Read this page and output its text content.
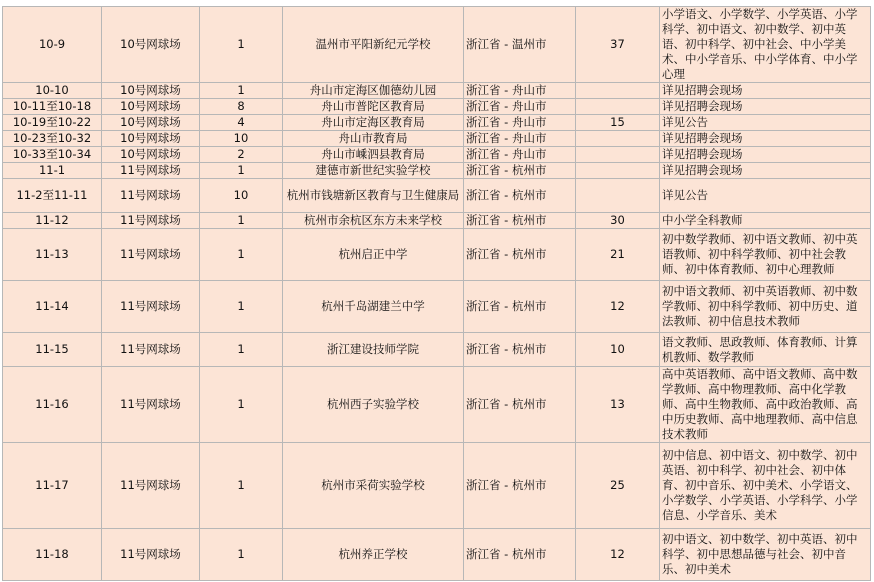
10-9	10号网球场	1	温州市平阳新纪元学校	浙江省 - 温州市	37	小学语文、小学数学、小学英语、小学科学、初中语文、初中数学、初中英语、初中科学、初中社会、中小学美术、中小学音乐、中小学体育、中小学心理
10-10	10号网球场	1	舟山市定海区伽德幼儿园	浙江省 - 舟山市		详见招聘会现场
10-11至10-18	10号网球场	8	舟山市普陀区教育局	浙江省 - 舟山市		详见招聘会现场
10-19至10-22	10号网球场	4	舟山市定海区教育局	浙江省 - 舟山市	15	详见公告
10-23至10-32	10号网球场	10	舟山市教育局	浙江省 - 舟山市		详见招聘会现场
10-33至10-34	10号网球场	2	舟山市嵊泗县教育局	浙江省 - 舟山市		详见招聘会现场
11-1	11号网球场	1	建德市新世纪实验学校	浙江省 - 杭州市		详见招聘会现场
11-2至11-11	11号网球场	10	杭州市钱塘新区教育与卫生健康局	浙江省 - 杭州市		详见公告
11-12	11号网球场	1	杭州市余杭区东方未来学校	浙江省 - 杭州市	30	中小学全科教师
11-13	11号网球场	1	杭州启正中学	浙江省 - 杭州市	21	初中数学教师、初中语文教师、初中英语教师、初中科学教师、初中社会教师、初中体育教师、初中心理教师
11-14	11号网球场	1	杭州千岛湖建兰中学	浙江省 - 杭州市	12	初中语文教师、初中英语教师、初中数学教师、初中科学教师、初中历史、道法教师、初中信息技术教师
11-15	11号网球场	1	浙江建设技师学院	浙江省 - 杭州市	10	语文教师、思政教师、体育教师、计算机教师、数学教师
11-16	11号网球场	1	杭州西子实验学校	浙江省 - 杭州市	13	高中英语教师、高中语文教师、高中数学教师、高中物理教师、高中化学教师、高中生物教师、高中政治教师、高中历史教师、高中地理教师、高中信息技术教师
11-17	11号网球场	1	杭州市采荷实验学校	浙江省 - 杭州市	25	初中信息、初中语文、初中数学、初中英语、初中科学、初中社会、初中体育、初中音乐、初中美术、小学语文、小学数学、小学英语、小学科学、小学信息、小学音乐、美术
11-18	11号网球场	1	杭州养正学校	浙江省 - 杭州市	12	初中语文、初中数学、初中英语、初中科学、初中思想品德与社会、初中音乐、初中美术
